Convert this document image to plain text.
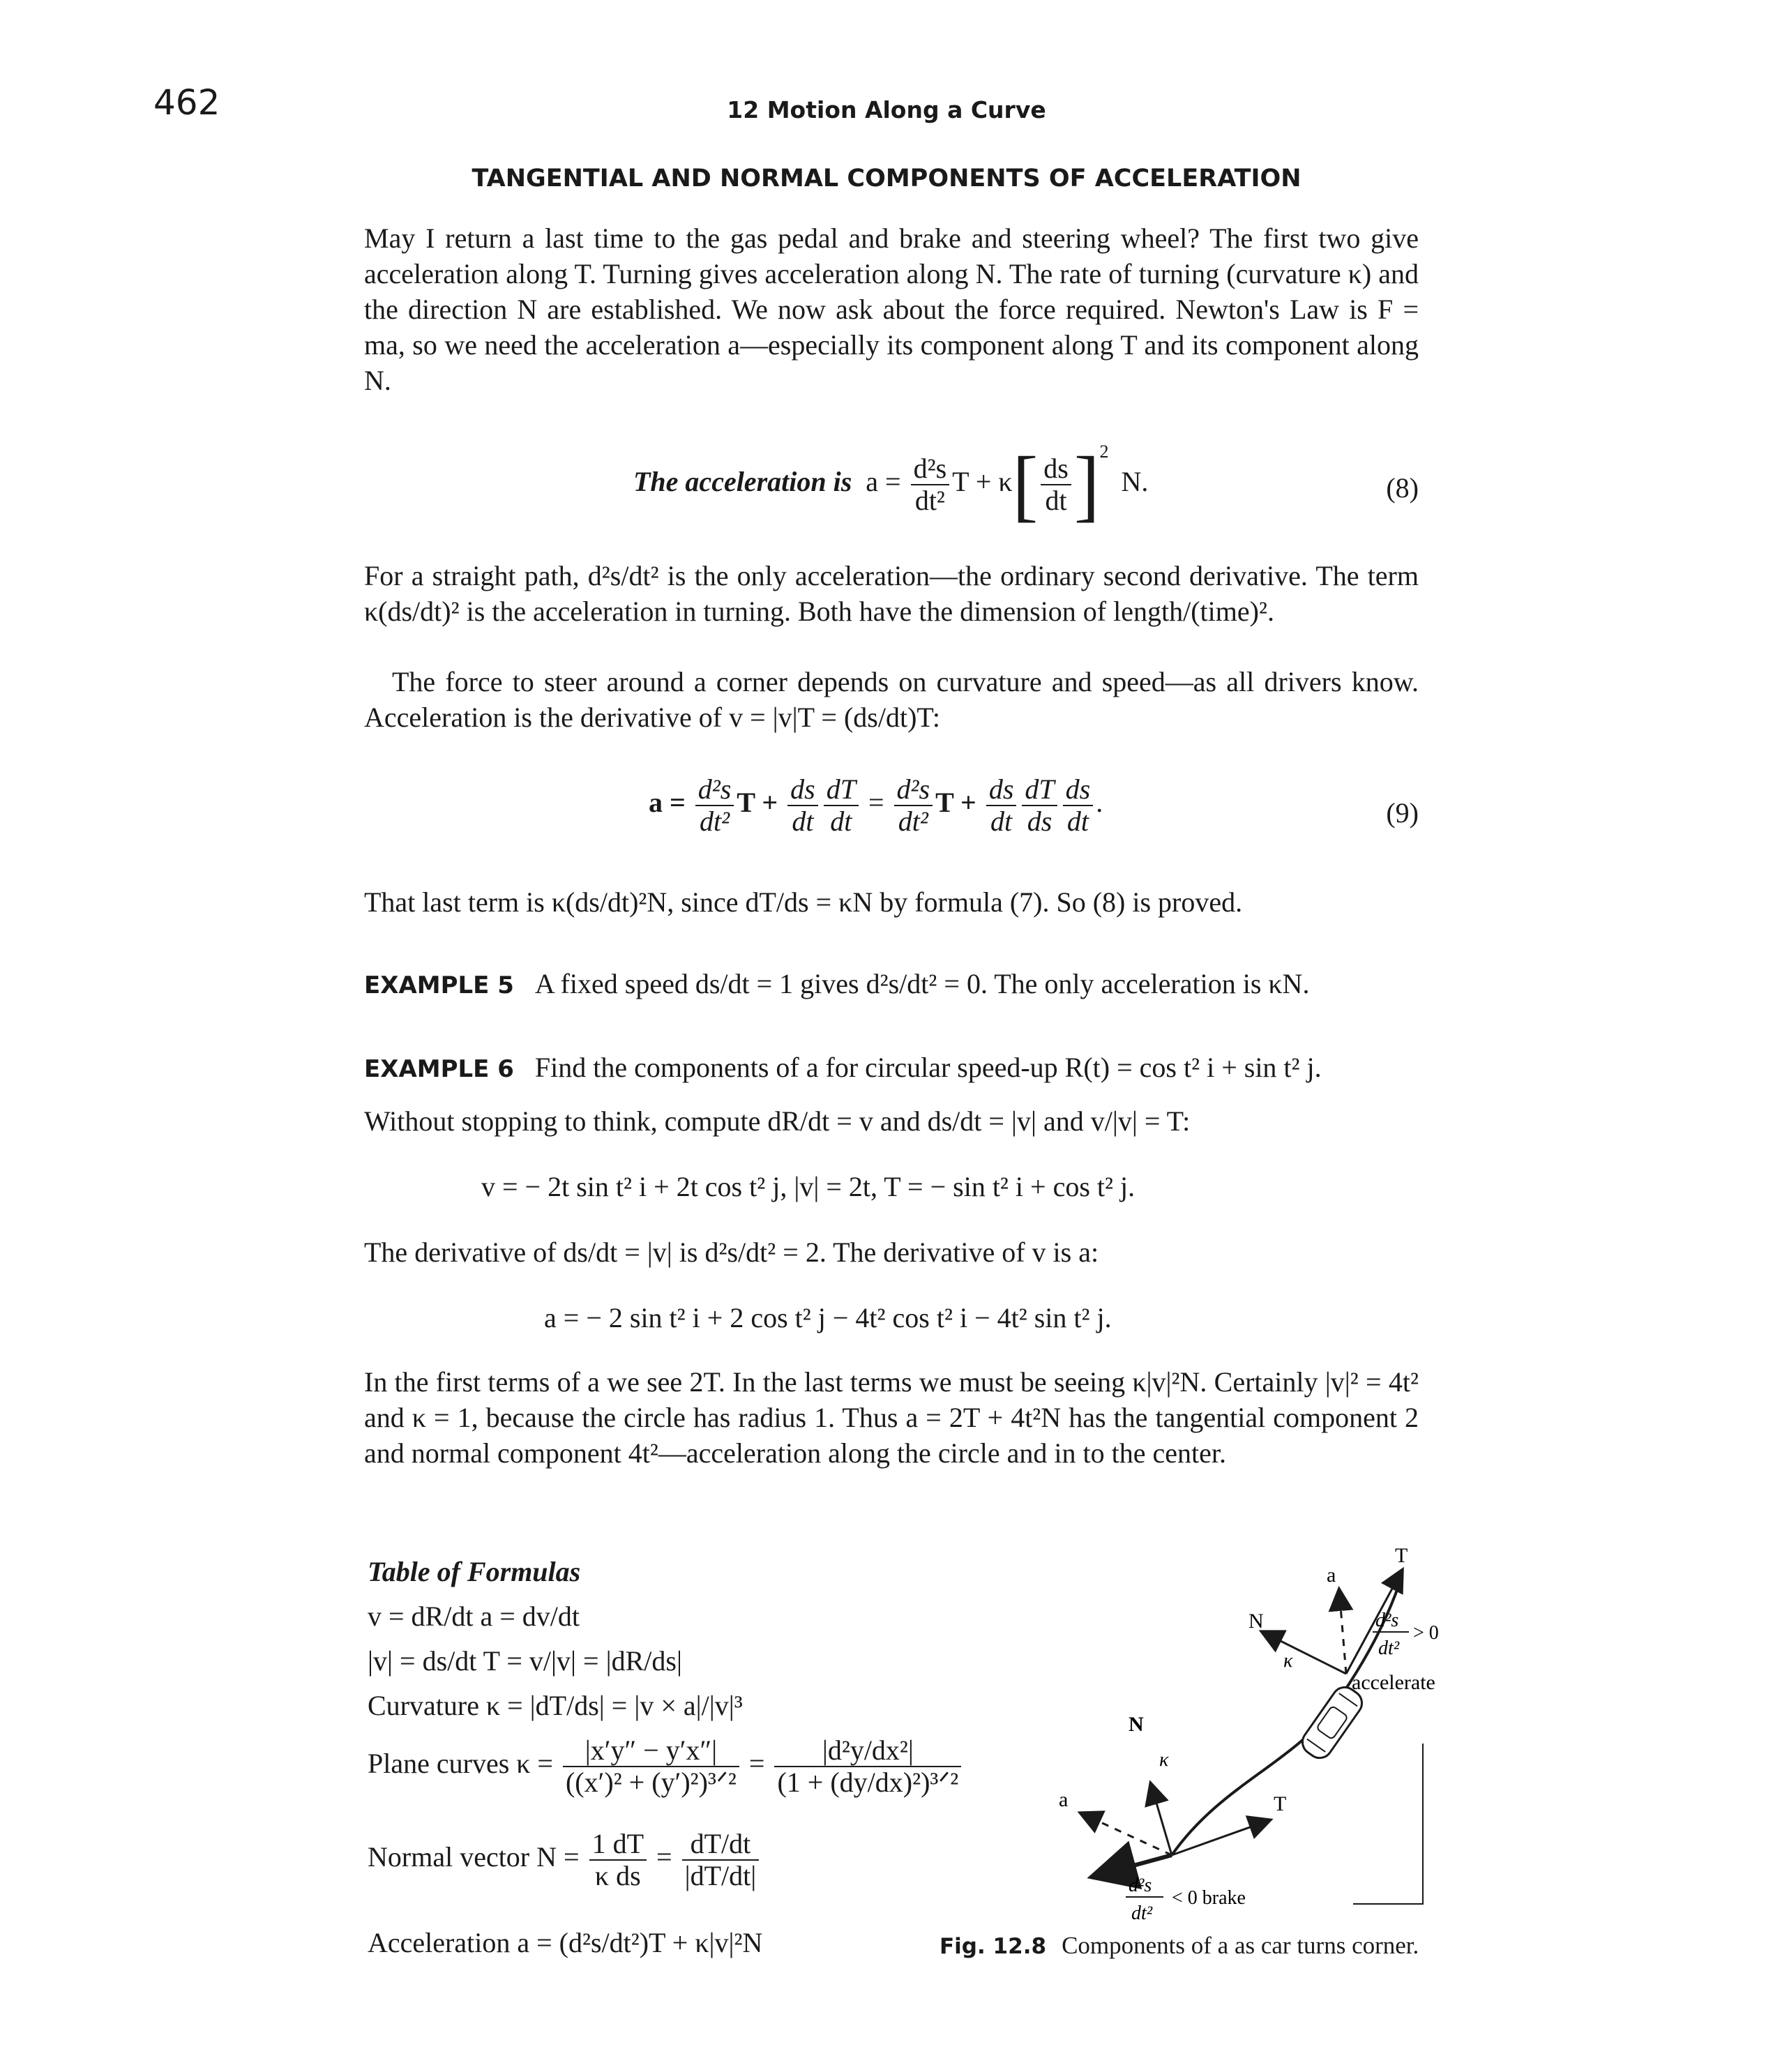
462	12 Motion Along a Curve
TANGENTIAL AND NORMAL COMPONENTS OF ACCELERATION

May I return a last time to the gas pedal and brake and steering wheel? The first two give acceleration along T. Turning gives acceleration along N. The rate of turning (curvature κ) and the direction N are established. We now ask about the force required. Newton's Law is F = ma, so we need the acceleration a—especially its component along T and its component along N.

The acceleration is $a = \frac{\text{d²s}}{\text{dt²}}$ $T + \kappa[ \frac{ds}{dt} ]^2$ N.	(8)

For a straight path, d²s/dt² is the only acceleration—the ordinary second derivative. The term κ(ds/dt)² is the acceleration in turning. Both have the dimension of length/(time)².

The force to steer around a corner depends on curvature and speed—as all drivers know. Acceleration is the derivative of v = |v|T = (ds/dt)T:

$a = \frac{\text{d²s}}{\text{dt²}}$ $T + \frac{ds}{dt} \frac{dT}{dt} = \frac{\text{d²s}}{\text{dt²}}$ $T + \frac{ds}{dt} \frac{dT}{ds} \frac{ds}{dt}$ .	(9)

That last term is κ(ds/dt)²N, since dT/ds = κN by formula (7). So (8) is proved.

EXAMPLE 5 A fixed speed ds/dt = 1 gives d²s/dt² = 0. The only acceleration is κN.
EXAMPLE 6 Find the components of a for circular speed-up R(t) = cos t² i + sin t² j.

Without stopping to think, compute dR/dt = v and ds/dt = |v| and v/|v| = T:

v = − 2t sin t² i + 2t cos t² j, |v| = 2t, T = − sin t² i + cos t² j.

The derivative of ds/dt = |v| is d²s/dt² = 2. The derivative of v is a:

a = − 2 sin t² i + 2 cos t² j − 4t² cos t² i − 4t² sin t² j.

In the first terms of a we see 2T. In the last terms we must be seeing κ|v|²N. Certainly |v|² = 4t² and κ = 1, because the circle has radius 1. Thus a = 2T + 4t²N has the tangential component 2 and normal component 4t²—acceleration along the circle and in to the center.

Table of Formulas
v = dR/dt a = dv/dt
|v| = ds/dt T = v/|v| = |dR/ds|
Curvature κ = |dT/ds| = |v × a|/|v|³
Plane curves $\kappa = \frac{|x'y'' - y'x''|}{\text{((x′)² + (y′)²)³ᐟ²}} = \frac{\text{|d²y/dx²|}}{\text{(1 + (dy/dx)²)³ᐟ²}}$
Normal vector $N = \frac{1 dT}{\text{κ ds}} = \frac{dT/dt}{|dT/dt|}$
Acceleration a = (d²s/dt²)T + κ|v|²N
T
a
N
κ
d²s
dt²
> 0
accelerate
N
κ
a	T
d²s
dt²
< 0 brake
Fig. 12.8 Components of a as car turns corner.
